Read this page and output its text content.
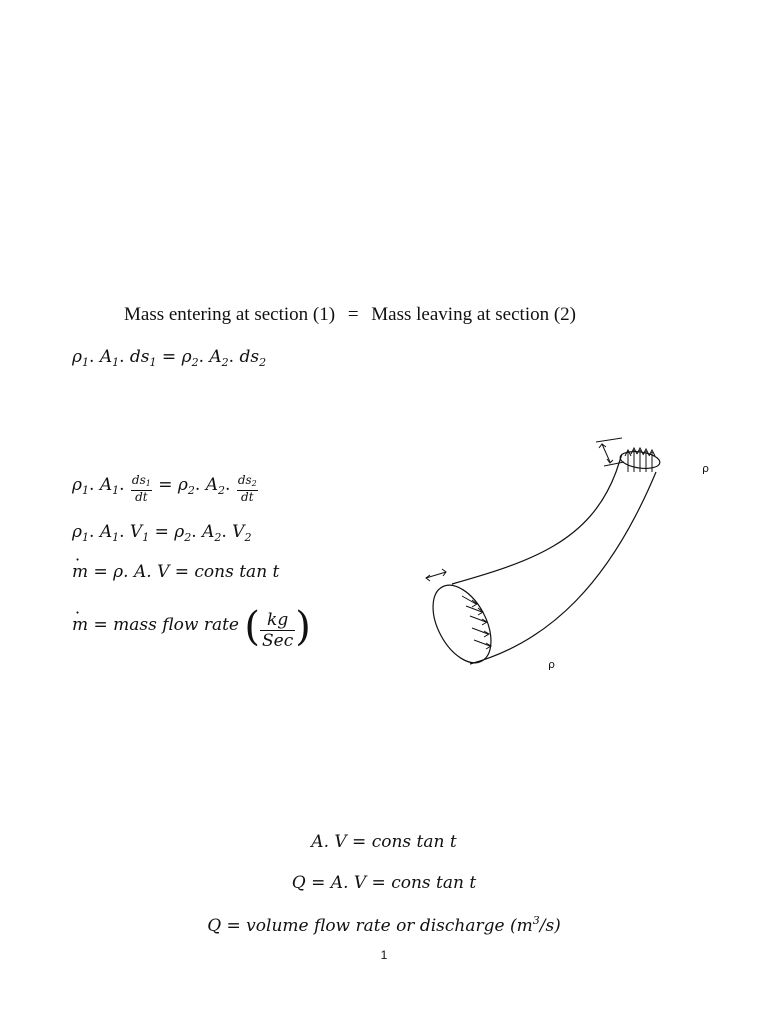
Mass entering at section (1) = Mass leaving at section (2)
$\rho_1$. $A_1$. $ds_1 = \rho_2$. $A_2$. $ds_2$
$\rho_1$. $A_1$. $\frac{ds_1}{dt} = \rho_2$. $A_2$. $\frac{ds_2}{dt}$
$\rho_1$. $A_1$. $V_1 = \rho_2$. $A_2$. $V_2$
· m = ρ. A. V = cons tan t
· m = mass flow rate ( $\frac{kg}{\text{Sec}}$ )
ρ
ρ
A. V = cons tan t
Q = A. V = cons tan t
Q = volume flow rate or discharge $(m^3/s)$
1
